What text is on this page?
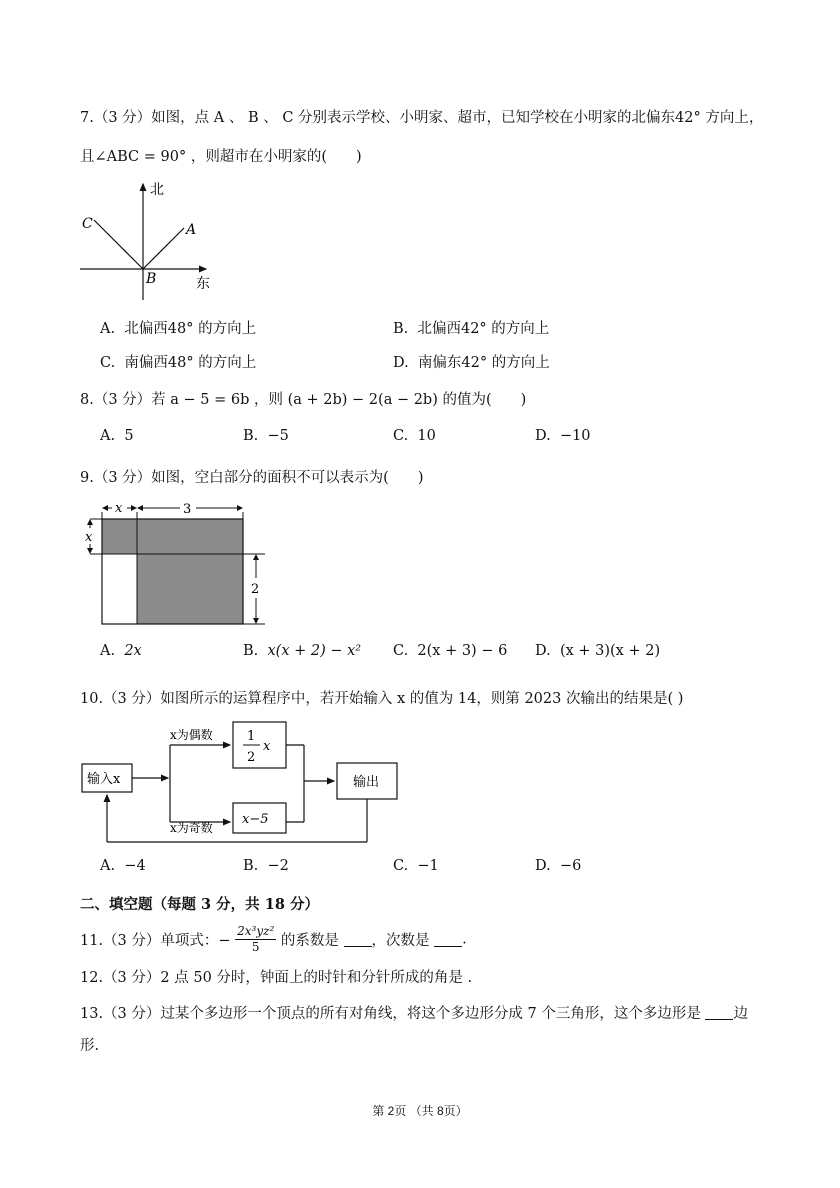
7.（3 分）如图，点 A 、 B 、 C 分别表示学校、小明家、超市，已知学校在小明家的北偏东42° 方向上，
且∠ABC = 90° ，则超市在小明家的(　　)
北
东
A
B
C
A. 北偏西48° 的方向上	B. 北偏西42° 的方向上
C. 南偏西48° 的方向上	D. 南偏东42° 的方向上
8.（3 分）若 a − 5 = 6b ，则 (a + 2b) − 2(a − 2b) 的值为(　　)
A. 5	B. −5	C. 10	D. −10
9.（3 分）如图，空白部分的面积不可以表示为(　　)
x	3
x
2
A. 2x	B. x(x + 2) − x² C. 2(x + 3) − 6 D. (x + 3)(x + 2)
10.（3 分）如图所示的运算程序中，若开始输入 x 的值为 14，则第 2023 次输出的结果是( )
输入x
x为偶数
x为奇数
1
2
x
x−5
输出
A. −4	B. −2	C. −1	D. −6
二、填空题（每题 3 分，共 18 分）
11.（3 分）单项式：− $\frac{\text{2x³yz²}}{5}$ 的系数是 ，次数是 .
12.（3 分）2 点 50 分时，钟面上的时针和分针所成的角是 .
13.（3 分）过某个多边形一个顶点的所有对角线，将这个多边形分成 7 个三角形，这个多边形是 边
形.
第 2页 （共 8页）
